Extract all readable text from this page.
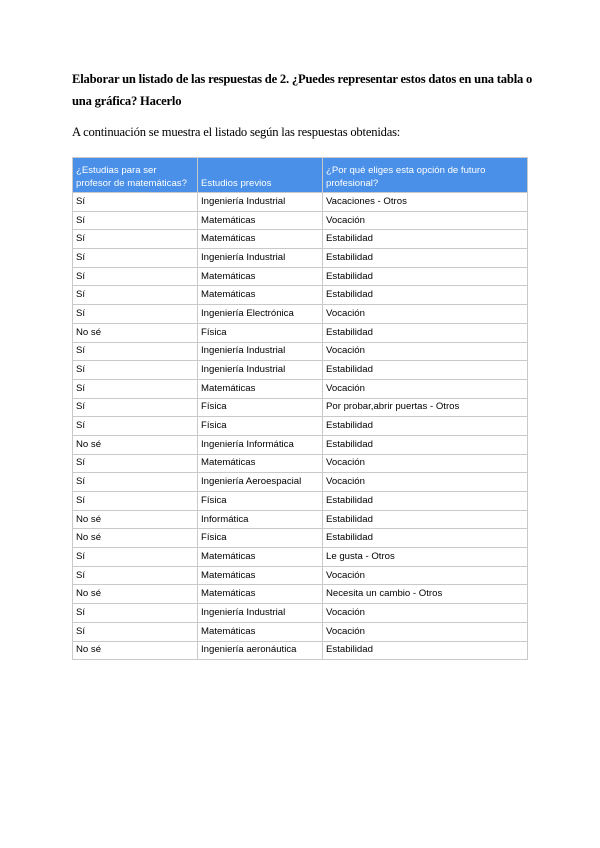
Elaborar un listado de las respuestas de 2. ¿Puedes representar estos datos en una tabla o una gráfica? Hacerlo

A continuación se muestra el listado según las respuestas obtenidas:

¿Estudias para ser profesor de matemáticas?	Estudios previos	¿Por qué eliges esta opción de futuro profesional?
Sí	Ingeniería Industrial	Vacaciones - Otros
Sí	Matemáticas	Vocación
Sí	Matemáticas	Estabilidad
Sí	Ingeniería Industrial	Estabilidad
Sí	Matemáticas	Estabilidad
Sí	Matemáticas	Estabilidad
Sí	Ingeniería Electrónica	Vocación
No sé	Física	Estabilidad
Sí	Ingeniería Industrial	Vocación
Sí	Ingeniería Industrial	Estabilidad
Sí	Matemáticas	Vocación
Sí	Física	Por probar,abrir puertas - Otros
Sí	Física	Estabilidad
No sé	Ingeniería Informática	Estabilidad
Sí	Matemáticas	Vocación
Sí	Ingeniería Aeroespacial	Vocación
Sí	Física	Estabilidad
No sé	Informática	Estabilidad
No sé	Física	Estabilidad
Sí	Matemáticas	Le gusta - Otros
Sí	Matemáticas	Vocación
No sé	Matemáticas	Necesita un cambio - Otros
Sí	Ingeniería Industrial	Vocación
Sí	Matemáticas	Vocación
No sé	Ingeniería aeronáutica	Estabilidad
